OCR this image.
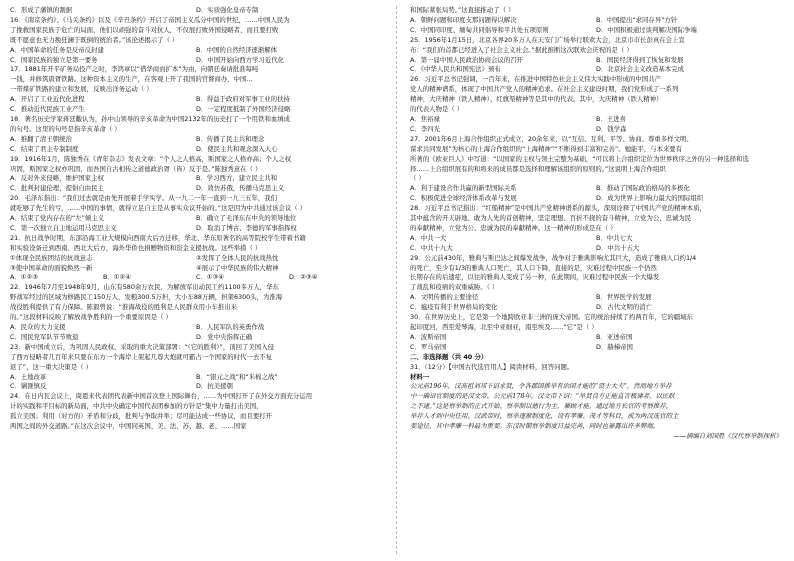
C．形成了藩镇的割据	D．实质强化皇帝专制
16．《南京条约》、《马关条约》以及《辛丑条约》开启了帝国主义瓜分中国的世纪，……中国人民为
了挽救国家民族于危亡的局面，他们以顽强的奋斗对抗人，不仅展打败外国侵略者，而且要打败
既不愿意也无力挽狂澜于既倒的统治者。”该论述揭示了（ ）
A．中国革命的任务是反帝反封建	B．中国的自然经济逐渐解体
C．国家民族的独立是第一要务	D．中国开始向西方学习近代化
17．1881年开平矿务局投产之时，李鸿章以“借华商而扩本”为由，向朝廷奏请批准每吨
一钱，并修筑唐胥铁路。这种资本主义的生产，在客观上开了我国的官督商办，中国…
一带煤矿铁路的建立和发展，反映出洋务运动（ ）
A．开启了工业近代化进程	B．得益于政府对军事工业的扶持
C．推动近代民族工业产生	D．一定程度抵制了外国经济侵略
18．著名历史学家蒋廷黻认为，孙中山领导的辛亥革命为中国2132年的历史打了一个用铁和血填成
的句号。这里的句号是指辛亥革命（ ）
A．推翻了清王朝统治	B．传播了民主共和理念
C．结束了君主专制制度	D．使民主共和观念深入人心
19．1916年1月，陈独秀在《青年杂志》发表文章：“个人之人格高，斯国家之人格亦高；个人之权
巩固，斯国家之权亦巩固，而吾国自古相传之道德政治胥（皆）反于是。”陈独秀意在（ ）
A．反对外来侵略，维护国家主权	B．学习西方，建立民主共和
C．批判封建伦理，提倡自由民主	D．效仿苏俄，传播马克思主义
20．毛泽东指出：“我们过去就是由先开展着手学实学。从一九二一年一直到一九三五年，我们
就吃够了先生的亏，……中国的事情，就得立足自主是从事实众议开始的。”这是因为中共通过该会议（ ）
A．结束了党内存在的“左”倾主义	B．确立了毛泽东在中央的领导地位
C．第一次独立自主地运用马克思主义	D．取消了博古、李德的军事指挥权
21．抗日战争时期，东部沿海工业大规模向西南大后方迁移，华北、华东原著名的高等院校学生带着书籍
和实验设备迁到西南、西北大后方，海外华侨也捐赠物资和资金支援抗战。这些举措（ ）
①体现全民族团结的抗战意志	②发挥了全体人民的抗战热忱
③使中国革命的面貌焕然一新	④展示了中华民族的伟大精神
A．①②③	B．①②④	C．①③④	D．②③④
22．1946年7月至1948年9月，山东有580余万农民，为解放军出动民工约1100多万人，华东
野战军经过的区域为修路民工150万人，发粮300.5万担，大小车88万辆，担架6300头，为淮海
战役胜利提供了有力保障。陈毅曾说：“淮海战役的胜利是人民群众用小车推出来
的。”这段材料反映了解放战争胜利的一个重要原因是（ ）
A．民众的大力支援	B．人民军队的英勇作战
C．国民党军队节节败退	D．党中央指挥正确
23．新中国成立后，为巩固人民政权，采取的重大决策部署：“（它的胜利）”，顶回了美国入侵
了西方侵略者几百年来只要在东方一个海岸上架起几尊大炮就可霸占一个国家的时代一去不复
返了”，这一重大决策是（ ）
A．土地改革	B．“银元之战”和“米棉之战”
C．剿匪镇反	D．抗美援朝
24．在日内瓦会议上，周恩来代表团代表新中国首次登上国际舞台，……为中国打开了在外交方面充分运用
计的实践和平目标的新局面，中共中央确定中国代表团参加的方针是“集中力量打击美国，
孤立美国；利用（对方的）矛盾和分歧，批判与争取并举；尽可能达成一些协议，而且要打开
两国之间的外交道路。”在这次会议中，中国同英国、美、法、苏、越、老、……国家
和国际紧张局势。”这直接推动了（ ）
A．朝鲜问题和印度支那问题得以解决	B．中国提出“求同存异”方针
C．中国同印度、缅甸共同倡导和平共处五项原则	D．中国积极通过谈判解决国际争端
25．1956年1月15日，北京各界20多万人在天安门广场举行联欢大会，北京市市长彭真在会上宣
布：“我们的首都已经进入了社会主义社会。”据此推断这次联欢会庆祝的是（ ）
A．第一届中国人民政治协商会议的召开	B．国民经济得到了恢复和发展
C．《中华人民共和国宪法》颁布	D．北京社会主义改造基本完成
26．习近平总书记强调，一百年来，在推进中国特色社会主义伟大实践中形成的中国共产
党人的精神谱系，体现了中国共产党人的精神追求。在社会主义建设时期，我们党形成了一系列
精神，大庆精神（铁人精神）、红旗渠精神等是其中的代表。其中，大庆精神（铁人精神）
的代表人物是（ ）
A．焦裕禄	B．王进喜
C．李四光	D．钱学森
27．2001年6月上海合作组织正式成立，20余年来，以“互信、互利、平等、协商、尊重多样文明、
谋求共同发展”为核心的上海合作组织的“上海精神”“不断得到丰富和完善”。勉能平，与本来要有
所著的《欧亚巨人》中写道：“以国家的主权与领土完整为基础，“可以将上合组织定位为世界秩序之外的另一种选择和选
择……上合组织展有的和将来的成员都是选择和理解该组织的原则的。”这说明上海合作组织
（ ）
A．利于建设合作共赢的新型国际关系	B．推动了国际政治格局的多极化
C．积极促进全球经济体系改革与发展	D．成为世界上影响力最大的国际组织
28．习近平总书记指出：“红船精神”是中国共产党精神谱系的源头，深刻诠释了中国共产党的精神本质，
其中蕴含的开天辟地、敢为人先的首创精神，坚定理想、百折不挠的奋斗精神，立党为公、忠诚为民
的奉献精神，立党为公、忠诚为民的奉献精神。这一精神的形成是在（ ）
A．中共一大	B．中共七大
C．中共十九大	D．中共十五大
29．公元前430年，雅典与斯巴达之间爆发战争，战争对于雅典影响尤其巨大，造成了雅典人口约1/4
的死亡，至少有1/3的雅典人口死亡，其人口下降，直接的是，灾难过程中民族一个仍然
长期存在的后遗症，以往的雅典人变成了另一种，在此期间，灾难过程中民族一个大爆发
了战乱和疫病的双重威胁。（ ）
A．文明传播的主要途径	B．世界医学的发展
C．瘟疫有利于世界格局的变化	D．古代文明的消亡
30．在世界历史上，它是第一个地跨欧亚非三洲的庞大帝国。它的统治持续了约两百年，它的疆域东
起印度河，西至爱琴海，北至中亚细亚，南至埃及……“它”是（ ）
A．波斯帝国	B．亚述帝国
C．罗马帝国	D．赫梯帝国
二、非选择题（共 40 分）
31．（12分）【中国古代选官用人】阅读材料，回答问题。
材料一
公元前196年，汉高祖刘邦下诏求贤，令各郡国推举有治国才能的“贤士大夫”，然而地方举荐
中一确诏官制度的是汉文帝。公元前178年，汉文帝下诏：“举贤良方正能直言极谏者，以匡朕
之不逮。”这是察举制的正式开始。察举制以德行为主，兼顾才能，通过地方长官的考察推荐，
举荐人才到中央任用。汉武帝时，察举逐渐制度化，设有孝廉、茂才等科目，成为两汉选官的主
要途径，其中孝廉一科最为重要。东汉时期察举制度日益完善，同时也暴露出许多弊端。
——摘编自刘国胜《汉代察举制探析》
